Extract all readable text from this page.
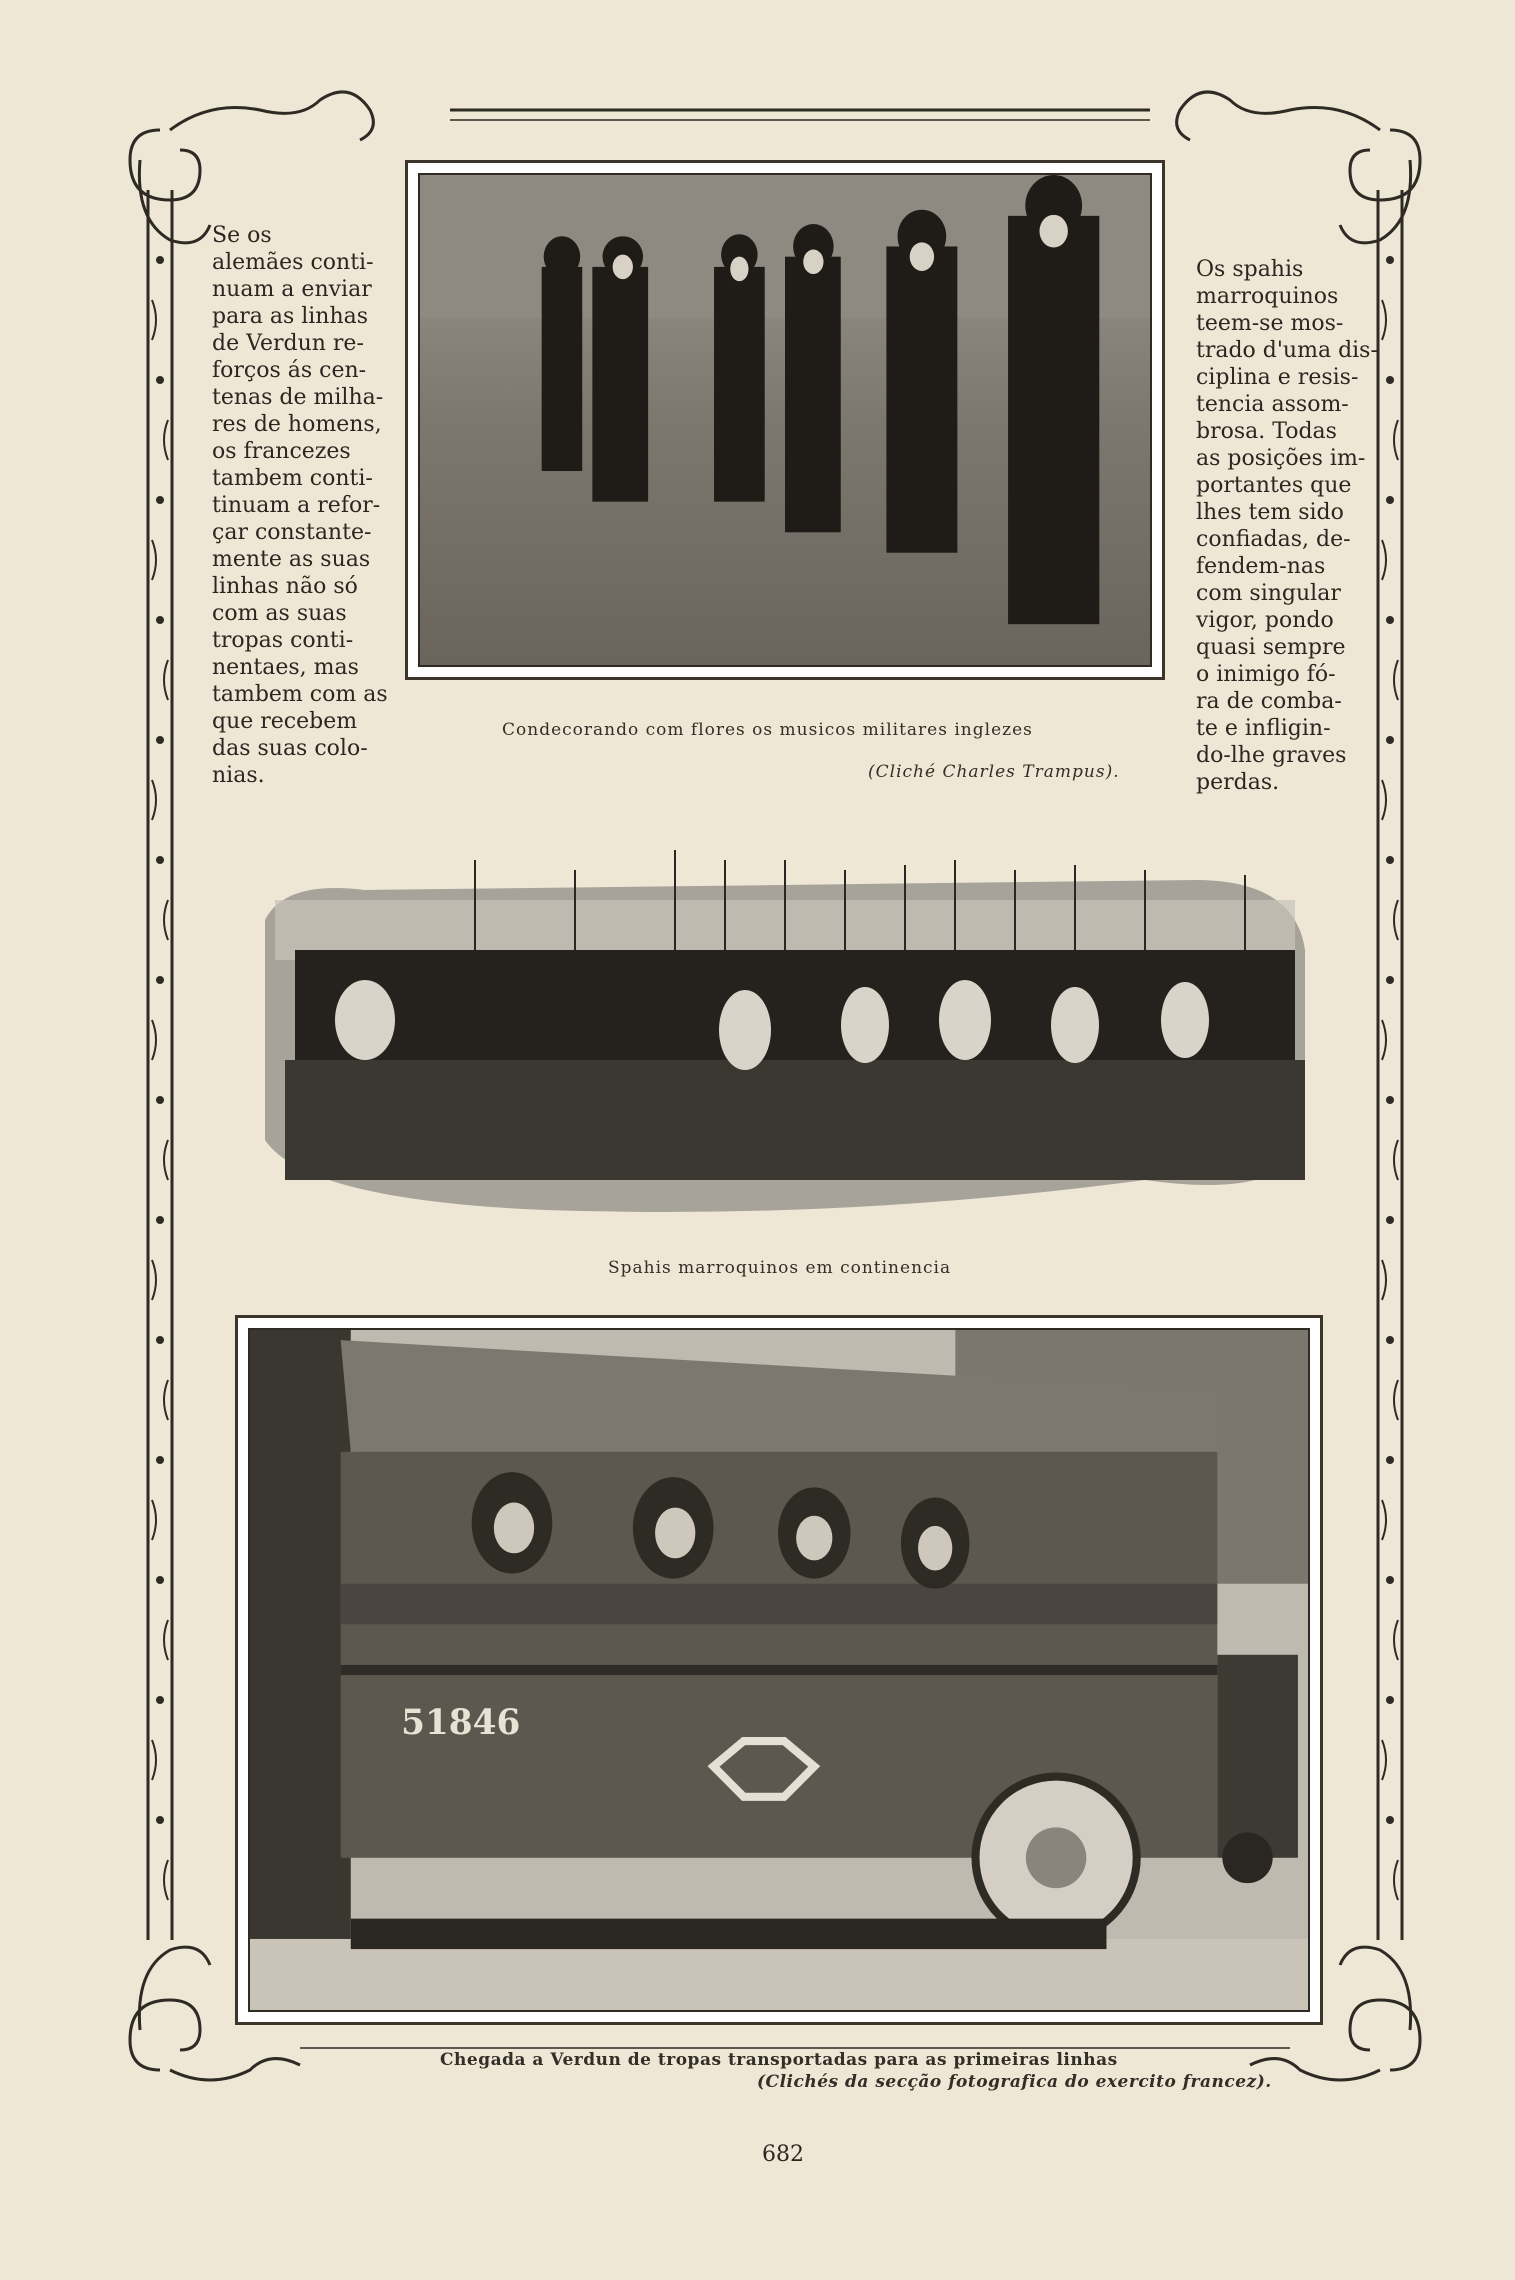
Se os
alemães conti-
nuam a enviar
para as linhas
de Verdun re-
forços ás cen-
tenas de milha-
res de homens,
os francezes
tambem conti-
tinuam a refor-
çar constante-
mente as suas
linhas não só
com as suas
tropas conti-
nentaes, mas
tambem com as
que recebem
das suas colo-
nias.
Os spahis
marroquinos
teem-se mos-
trado d'uma dis-
ciplina e resis-
tencia assom-
brosa. Todas
as posições im-
portantes que
lhes tem sido
confiadas, de-
fendem-nas
com singular
vigor, pondo
quasi sempre
o inimigo fó-
ra de comba-
te e infligin-
do-lhe graves
perdas.
Condecorando com flores os musicos militares inglezes
(Cliché Charles Trampus).
Spahis marroquinos em continencia
51846
Chegada a Verdun de tropas transportadas para as primeiras linhas
(Clichés da secção fotografica do exercito francez).
682
